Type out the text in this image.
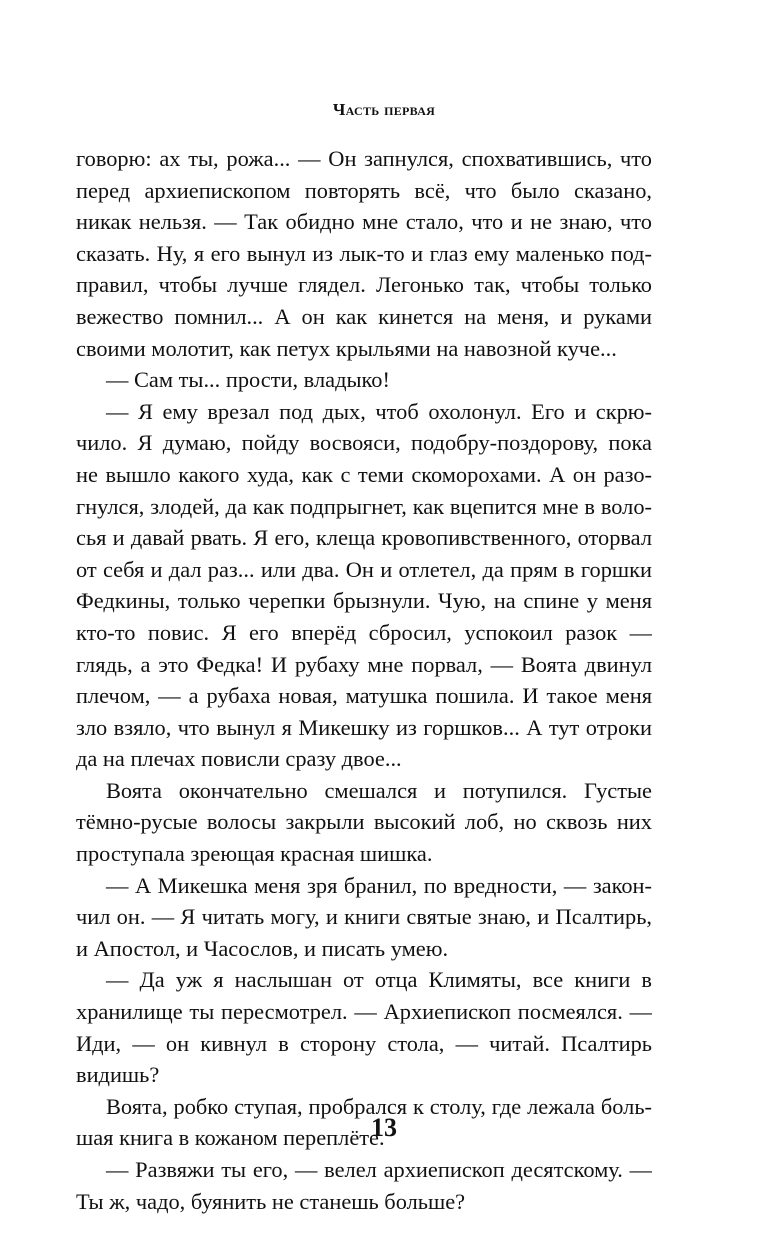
Часть первая
говорю: ах ты, рожа... — Он запнулся, спохватившись, что
перед архиепископом повторять всё, что было сказано,
никак нельзя. — Так обидно мне стало, что и не знаю, что
сказать. Ну, я его вынул из лык-то и глаз ему маленько под-
правил, чтобы лучше глядел. Легонько так, чтобы только
вежество помнил... А он как кинется на меня, и руками
своими молотит, как петух крыльями на навозной куче...
— Сам ты... прости, владыко!
— Я ему врезал под дых, чтоб охолонул. Его и скрю-
чило. Я думаю, пойду восвояси, подобру-поздорову, пока
не вышло какого худа, как с теми скоморохами. А он разо-
гнулся, злодей, да как подпрыгнет, как вцепится мне в воло-
сья и давай рвать. Я его, клеща кровопивственного, оторвал
от себя и дал раз... или два. Он и отлетел, да прям в горшки
Федкины, только черепки брызнули. Чую, на спине у меня
кто-то повис. Я его вперёд сбросил, успокоил разок —
глядь, а это Федка! И рубаху мне порвал, — Воята двинул
плечом, — а рубаха новая, матушка пошила. И такое меня
зло взяло, что вынул я Микешку из горшков... А тут отроки
да на плечах повисли сразу двое...
Воята окончательно смешался и потупился. Густые
тёмно-русые волосы закрыли высокий лоб, но сквозь них
проступала зреющая красная шишка.
— А Микешка меня зря бранил, по вредности, — закон-
чил он. — Я читать могу, и книги святые знаю, и Псалтирь,
и Апостол, и Часослов, и писать умею.
— Да уж я наслышан от отца Климяты, все книги в
хранилище ты пересмотрел. — Архиепископ посмеялся. —
Иди, — он кивнул в сторону стола, — читай. Псалтирь
видишь?
Воята, робко ступая, пробрался к столу, где лежала боль-
шая книга в кожаном переплёте.
— Развяжи ты его, — велел архиепископ десятскому. —
Ты ж, чадо, буянить не станешь больше?
13
